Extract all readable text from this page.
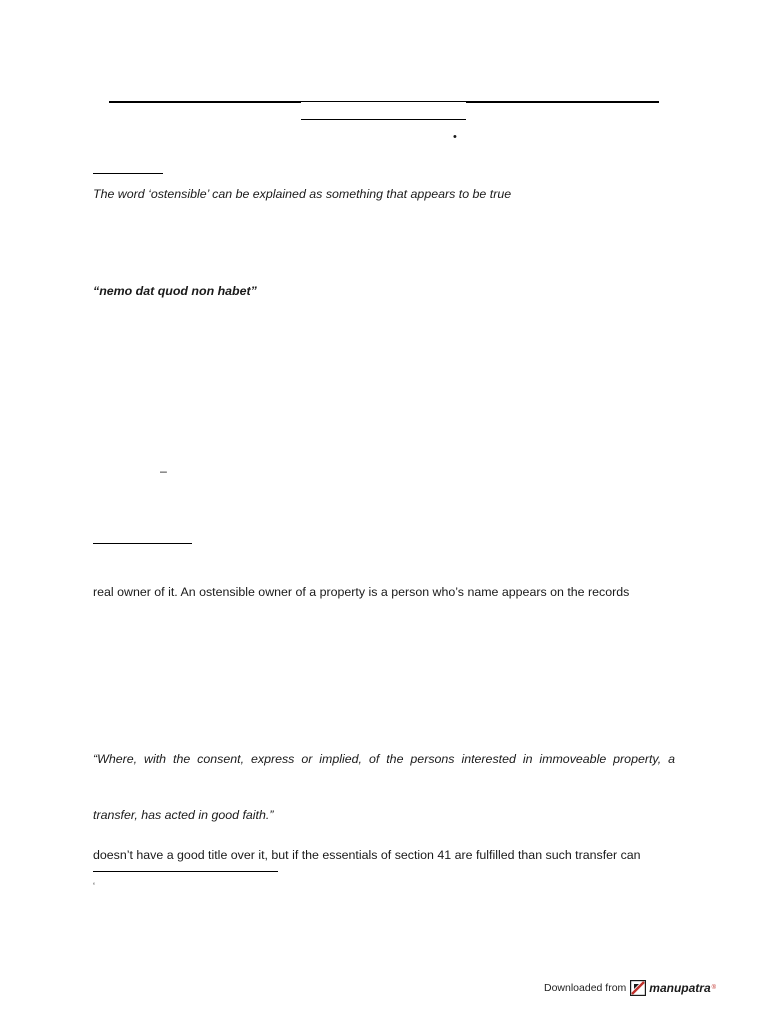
•
The word ‘ostensible’ can be explained as something that appears to be true
“nemo dat quod non habet”
–
real owner of it. An ostensible owner of a property is a person who’s name appears on the records
“Where, with the consent, express or implied, of the persons interested in immoveable property, a
transfer, has acted in good faith.”
doesn’t have a good title over it, but if the essentials of section 41 are fulfilled than such transfer can
‘
Downloaded from manupatra ®
